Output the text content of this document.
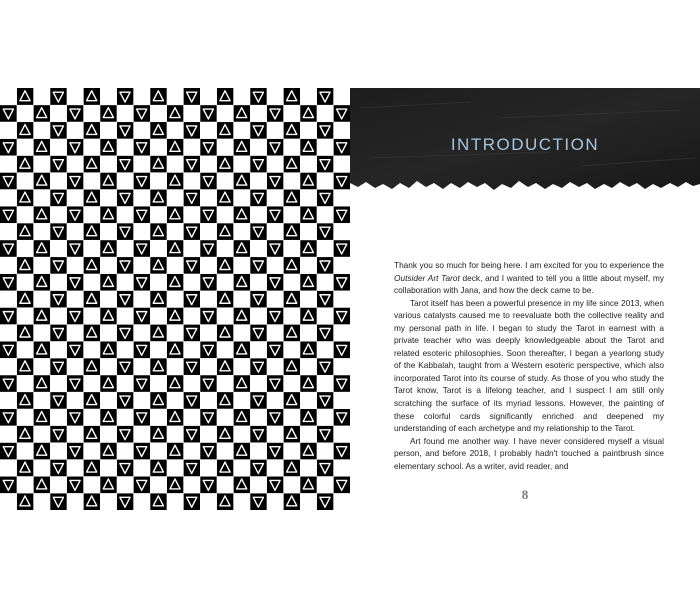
INTRODUCTION

Thank you so much for being here. I am excited for you to experience the Outsider Art Tarot deck, and I wanted to tell you a little about myself, my collaboration with Jana, and how the deck came to be.

Tarot itself has been a powerful presence in my life since 2013, when various catalysts caused me to reevaluate both the collective reality and my personal path in life. I began to study the Tarot in earnest with a private teacher who was deeply knowledgeable about the Tarot and related esoteric philosophies. Soon thereafter, I began a yearlong study of the Kabbalah, taught from a Western esoteric perspective, which also incorporated Tarot into its course of study. As those of you who study the Tarot know, Tarot is a lifelong teacher, and I suspect I am still only scratching the surface of its myriad lessons. However, the painting of these colorful cards significantly enriched and deepened my understanding of each archetype and my relationship to the Tarot.

Art found me another way. I have never considered myself a visual person, and before 2018, I probably hadn't touched a paintbrush since elementary school. As a writer, avid reader, and

8
